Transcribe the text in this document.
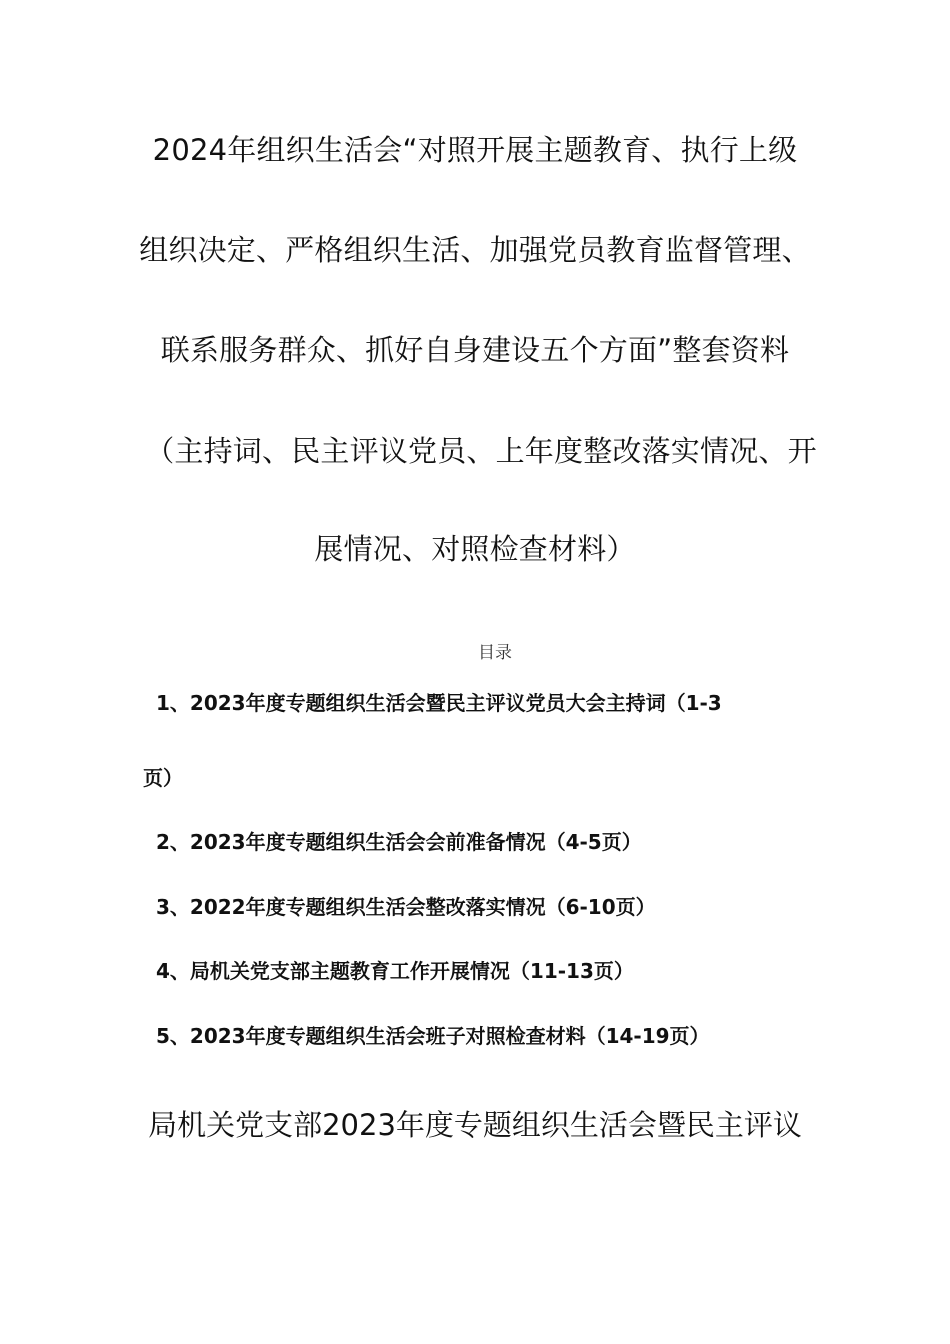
2024年组织生活会“对照开展主题教育、执行上级
组织决定、严格组织生活、加强党员教育监督管理、
联系服务群众、抓好自身建设五个方面”整套资料
（主持词、民主评议党员、上年度整改落实情况、开
展情况、对照检查材料）
目录
1、2023年度专题组织生活会暨民主评议党员大会主持词（1-3
页）
2、2023年度专题组织生活会会前准备情况（4-5页）
3、2022年度专题组织生活会整改落实情况（6-10页）
4、局机关党支部主题教育工作开展情况（11-13页）
5、2023年度专题组织生活会班子对照检查材料（14-19页）
局机关党支部2023年度专题组织生活会暨民主评议
